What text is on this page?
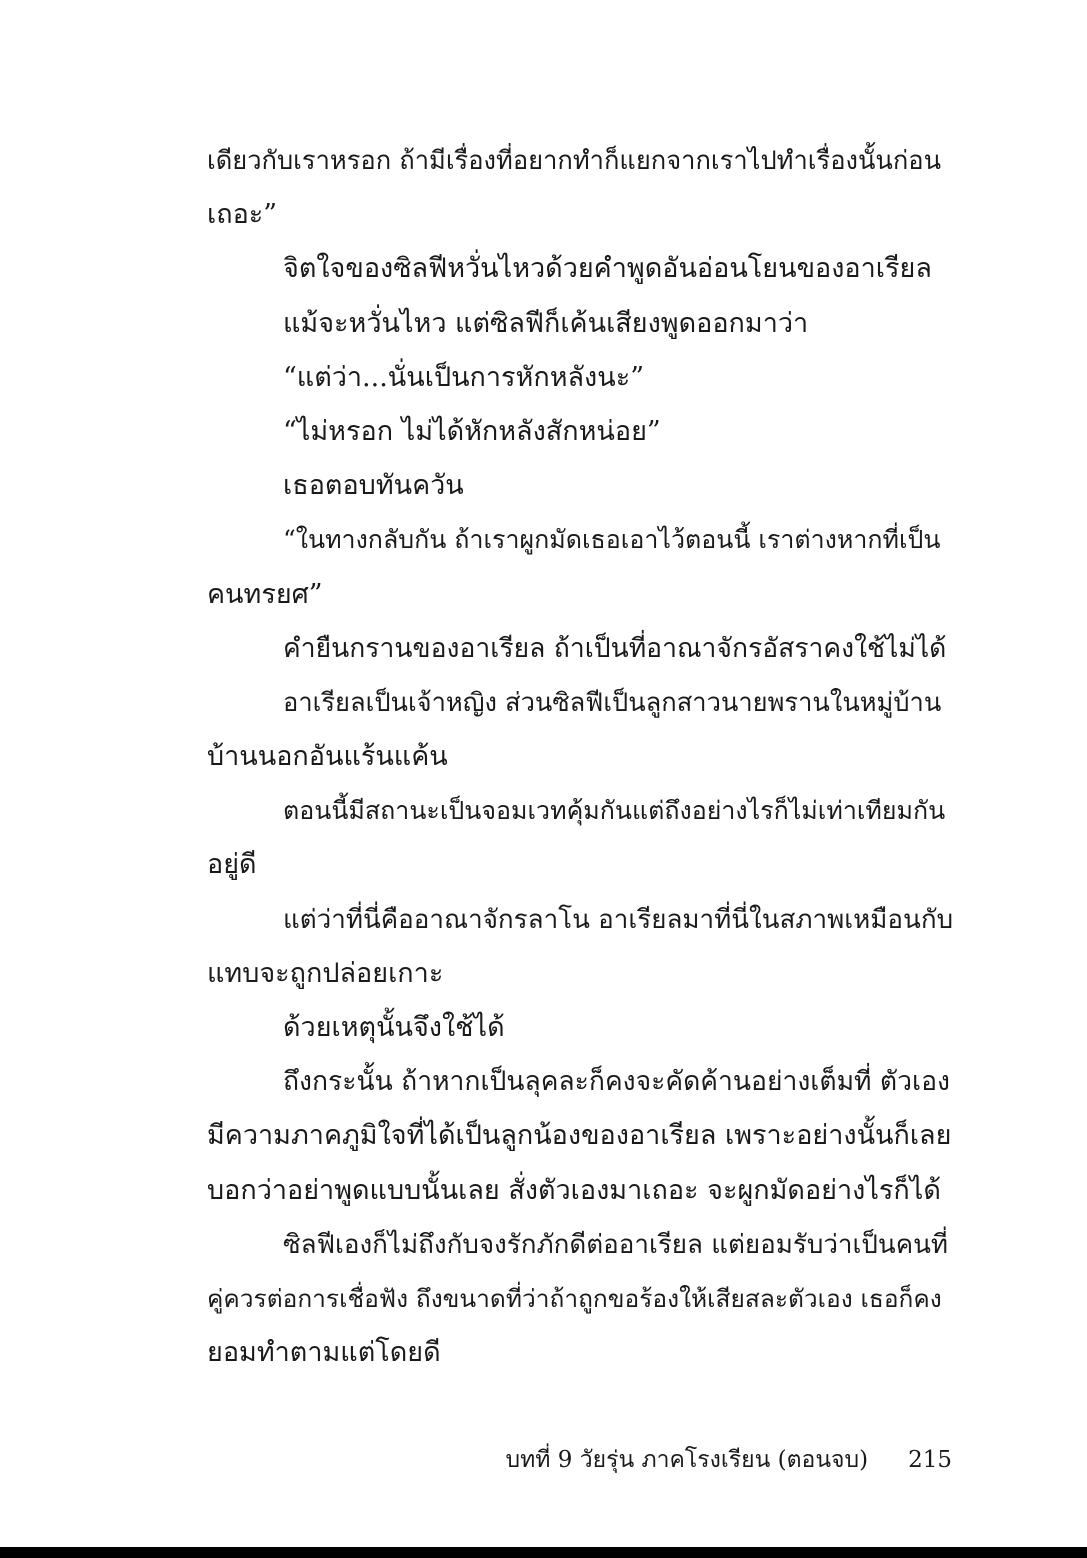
เดียวกับเราหรอก ถ้ามีเรื่องที่อยากทำก็แยกจากเราไปทำเรื่องนั้นก่อน
เถอะ”
จิตใจของซิลฟีหวั่นไหวด้วยคำพูดอันอ่อนโยนของอาเรียล
แม้จะหวั่นไหว แต่ซิลฟีก็เค้นเสียงพูดออกมาว่า
“แต่ว่า...นั่นเป็นการหักหลังนะ”
“ไม่หรอก ไม่ได้หักหลังสักหน่อย”
เธอตอบทันควัน
“ในทางกลับกัน ถ้าเราผูกมัดเธอเอาไว้ตอนนี้ เราต่างหากที่เป็น
คนทรยศ”
คำยืนกรานของอาเรียล ถ้าเป็นที่อาณาจักรอัสราคงใช้ไม่ได้
อาเรียลเป็นเจ้าหญิง ส่วนซิลฟีเป็นลูกสาวนายพรานในหมู่บ้าน
บ้านนอกอันแร้นแค้น
ตอนนี้มีสถานะเป็นจอมเวทคุ้มกันแต่ถึงอย่างไรก็ไม่เท่าเทียมกัน
อยู่ดี
แต่ว่าที่นี่คืออาณาจักรลาโน อาเรียลมาที่นี่ในสภาพเหมือนกับ
แทบจะถูกปล่อยเกาะ
ด้วยเหตุนั้นจึงใช้ได้
ถึงกระนั้น ถ้าหากเป็นลุคละก็คงจะคัดค้านอย่างเต็มที่ ตัวเอง
มีความภาคภูมิใจที่ได้เป็นลูกน้องของอาเรียล เพราะอย่างนั้นก็เลย
บอกว่าอย่าพูดแบบนั้นเลย สั่งตัวเองมาเถอะ จะผูกมัดอย่างไรก็ได้
ซิลฟีเองก็ไม่ถึงกับจงรักภักดีต่ออาเรียล แต่ยอมรับว่าเป็นคนที่
คู่ควรต่อการเชื่อฟัง ถึงขนาดที่ว่าถ้าถูกขอร้องให้เสียสละตัวเอง เธอก็คง
ยอมทำตามแต่โดยดี
บทที่ 9 วัยรุ่น ภาคโรงเรียน (ตอนจบ) 215
